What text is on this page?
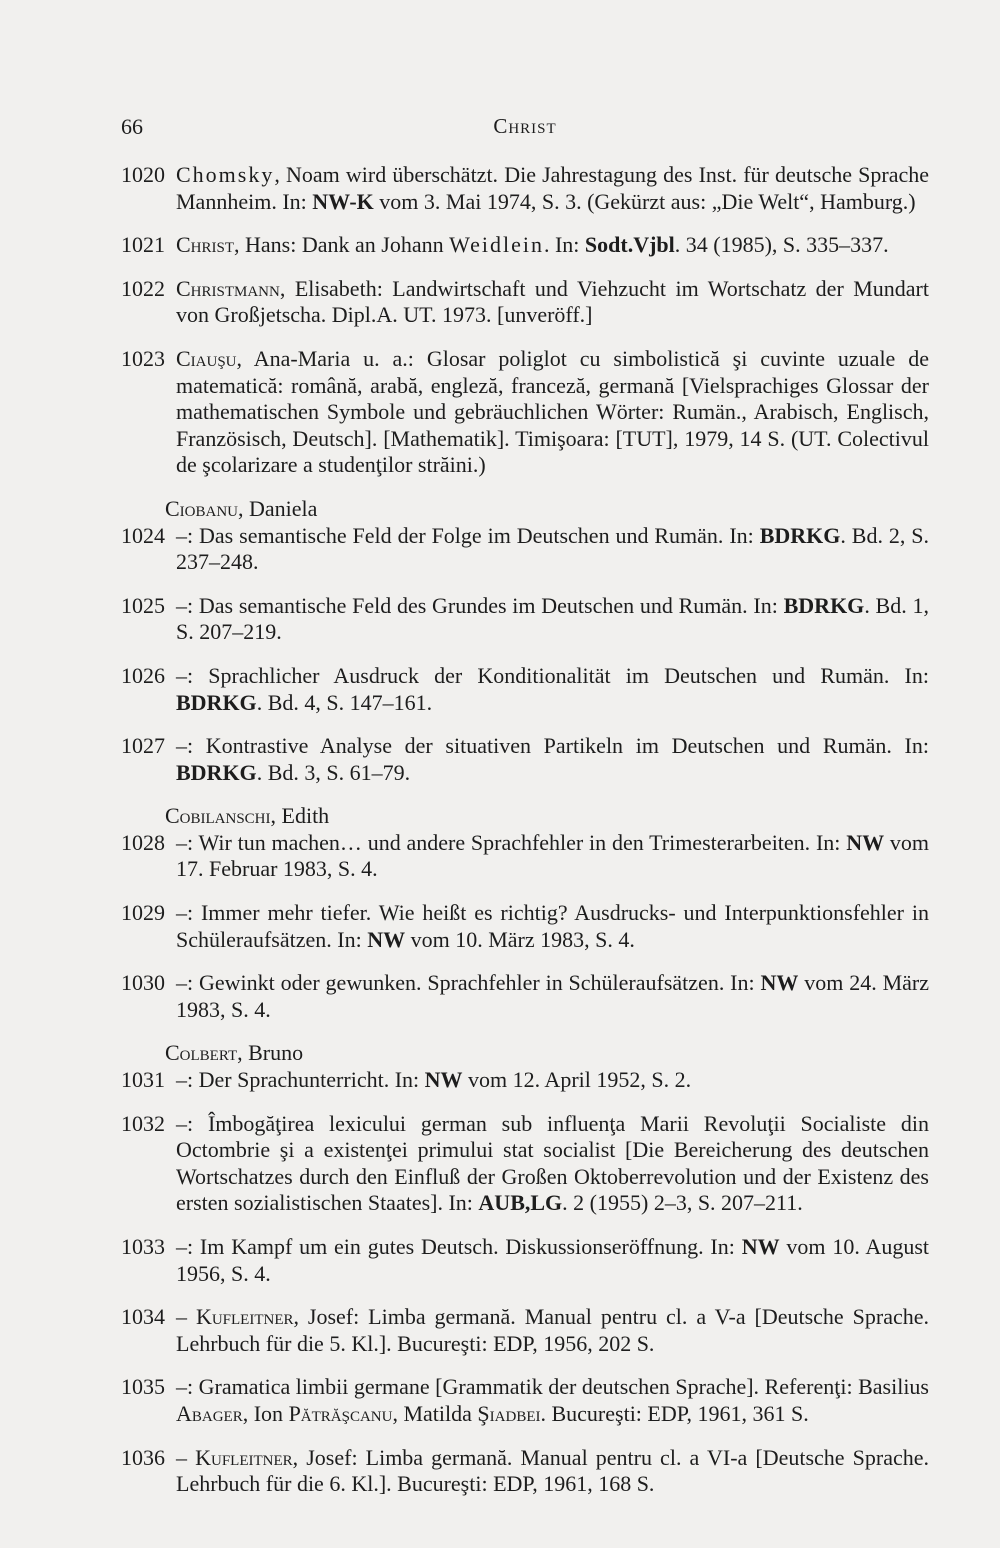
66	Christ
1020 Chomsky, Noam wird überschätzt. Die Jahrestagung des Inst. für deutsche Sprache Mannheim. In: NW-K vom 3. Mai 1974, S. 3. (Gekürzt aus: „Die Welt“, Hamburg.)
1021 Christ, Hans: Dank an Johann Weidlein. In: Sodt.Vjbl. 34 (1985), S. 335–337.
1022 Christmann, Elisabeth: Landwirtschaft und Viehzucht im Wortschatz der Mundart von Großjetscha. Dipl.A. UT. 1973. [unveröff.]
1023 Ciauşu, Ana-Maria u. a.: Glosar poliglot cu simbolistică şi cuvinte uzuale de matematică: română, arabă, engleză, franceză, germană [Vielsprachiges Glossar der mathematischen Symbole und gebräuchlichen Wörter: Rumän., Arabisch, Englisch, Französisch, Deutsch]. [Mathematik]. Timişoara: [TUT], 1979, 14 S. (UT. Colectivul de şcolarizare a studenţilor străini.)
Ciobanu, Daniela
1024 –: Das semantische Feld der Folge im Deutschen und Rumän. In: BDRKG. Bd. 2, S. 237–248.
1025 –: Das semantische Feld des Grundes im Deutschen und Rumän. In: BDRKG. Bd. 1, S. 207–219.
1026 –: Sprachlicher Ausdruck der Konditionalität im Deutschen und Rumän. In: BDRKG. Bd. 4, S. 147–161.
1027 –: Kontrastive Analyse der situativen Partikeln im Deutschen und Rumän. In: BDRKG. Bd. 3, S. 61–79.
Cobilanschi, Edith
1028 –: Wir tun machen… und andere Sprachfehler in den Trimesterarbeiten. In: NW vom 17. Februar 1983, S. 4.
1029 –: Immer mehr tiefer. Wie heißt es richtig? Ausdrucks- und Interpunktionsfehler in Schüleraufsätzen. In: NW vom 10. März 1983, S. 4.
1030 –: Gewinkt oder gewunken. Sprachfehler in Schüleraufsätzen. In: NW vom 24. März 1983, S. 4.
Colbert, Bruno
1031 –: Der Sprachunterricht. In: NW vom 12. April 1952, S. 2.
1032 –: Îmbogăţirea lexicului german sub influenţa Marii Revoluţii Socialiste din Octombrie şi a existenţei primului stat socialist [Die Bereicherung des deutschen Wortschatzes durch den Einfluß der Großen Oktoberrevolution und der Existenz des ersten sozialistischen Staates]. In: AUB,LG. 2 (1955) 2–3, S. 207–211.
1033 –: Im Kampf um ein gutes Deutsch. Diskussionseröffnung. In: NW vom 10. August 1956, S. 4.
1034 – Kufleitner, Josef: Limba germană. Manual pentru cl. a V-a [Deutsche Sprache. Lehrbuch für die 5. Kl.]. Bucureşti: EDP, 1956, 202 S.
1035 –: Gramatica limbii germane [Grammatik der deutschen Sprache]. Referenţi: Basilius Abager, Ion Pătrăşcanu, Matilda Şiadbei. Bucureşti: EDP, 1961, 361 S.
1036 – Kufleitner, Josef: Limba germană. Manual pentru cl. a VI-a [Deutsche Sprache. Lehrbuch für die 6. Kl.]. Bucureşti: EDP, 1961, 168 S.
